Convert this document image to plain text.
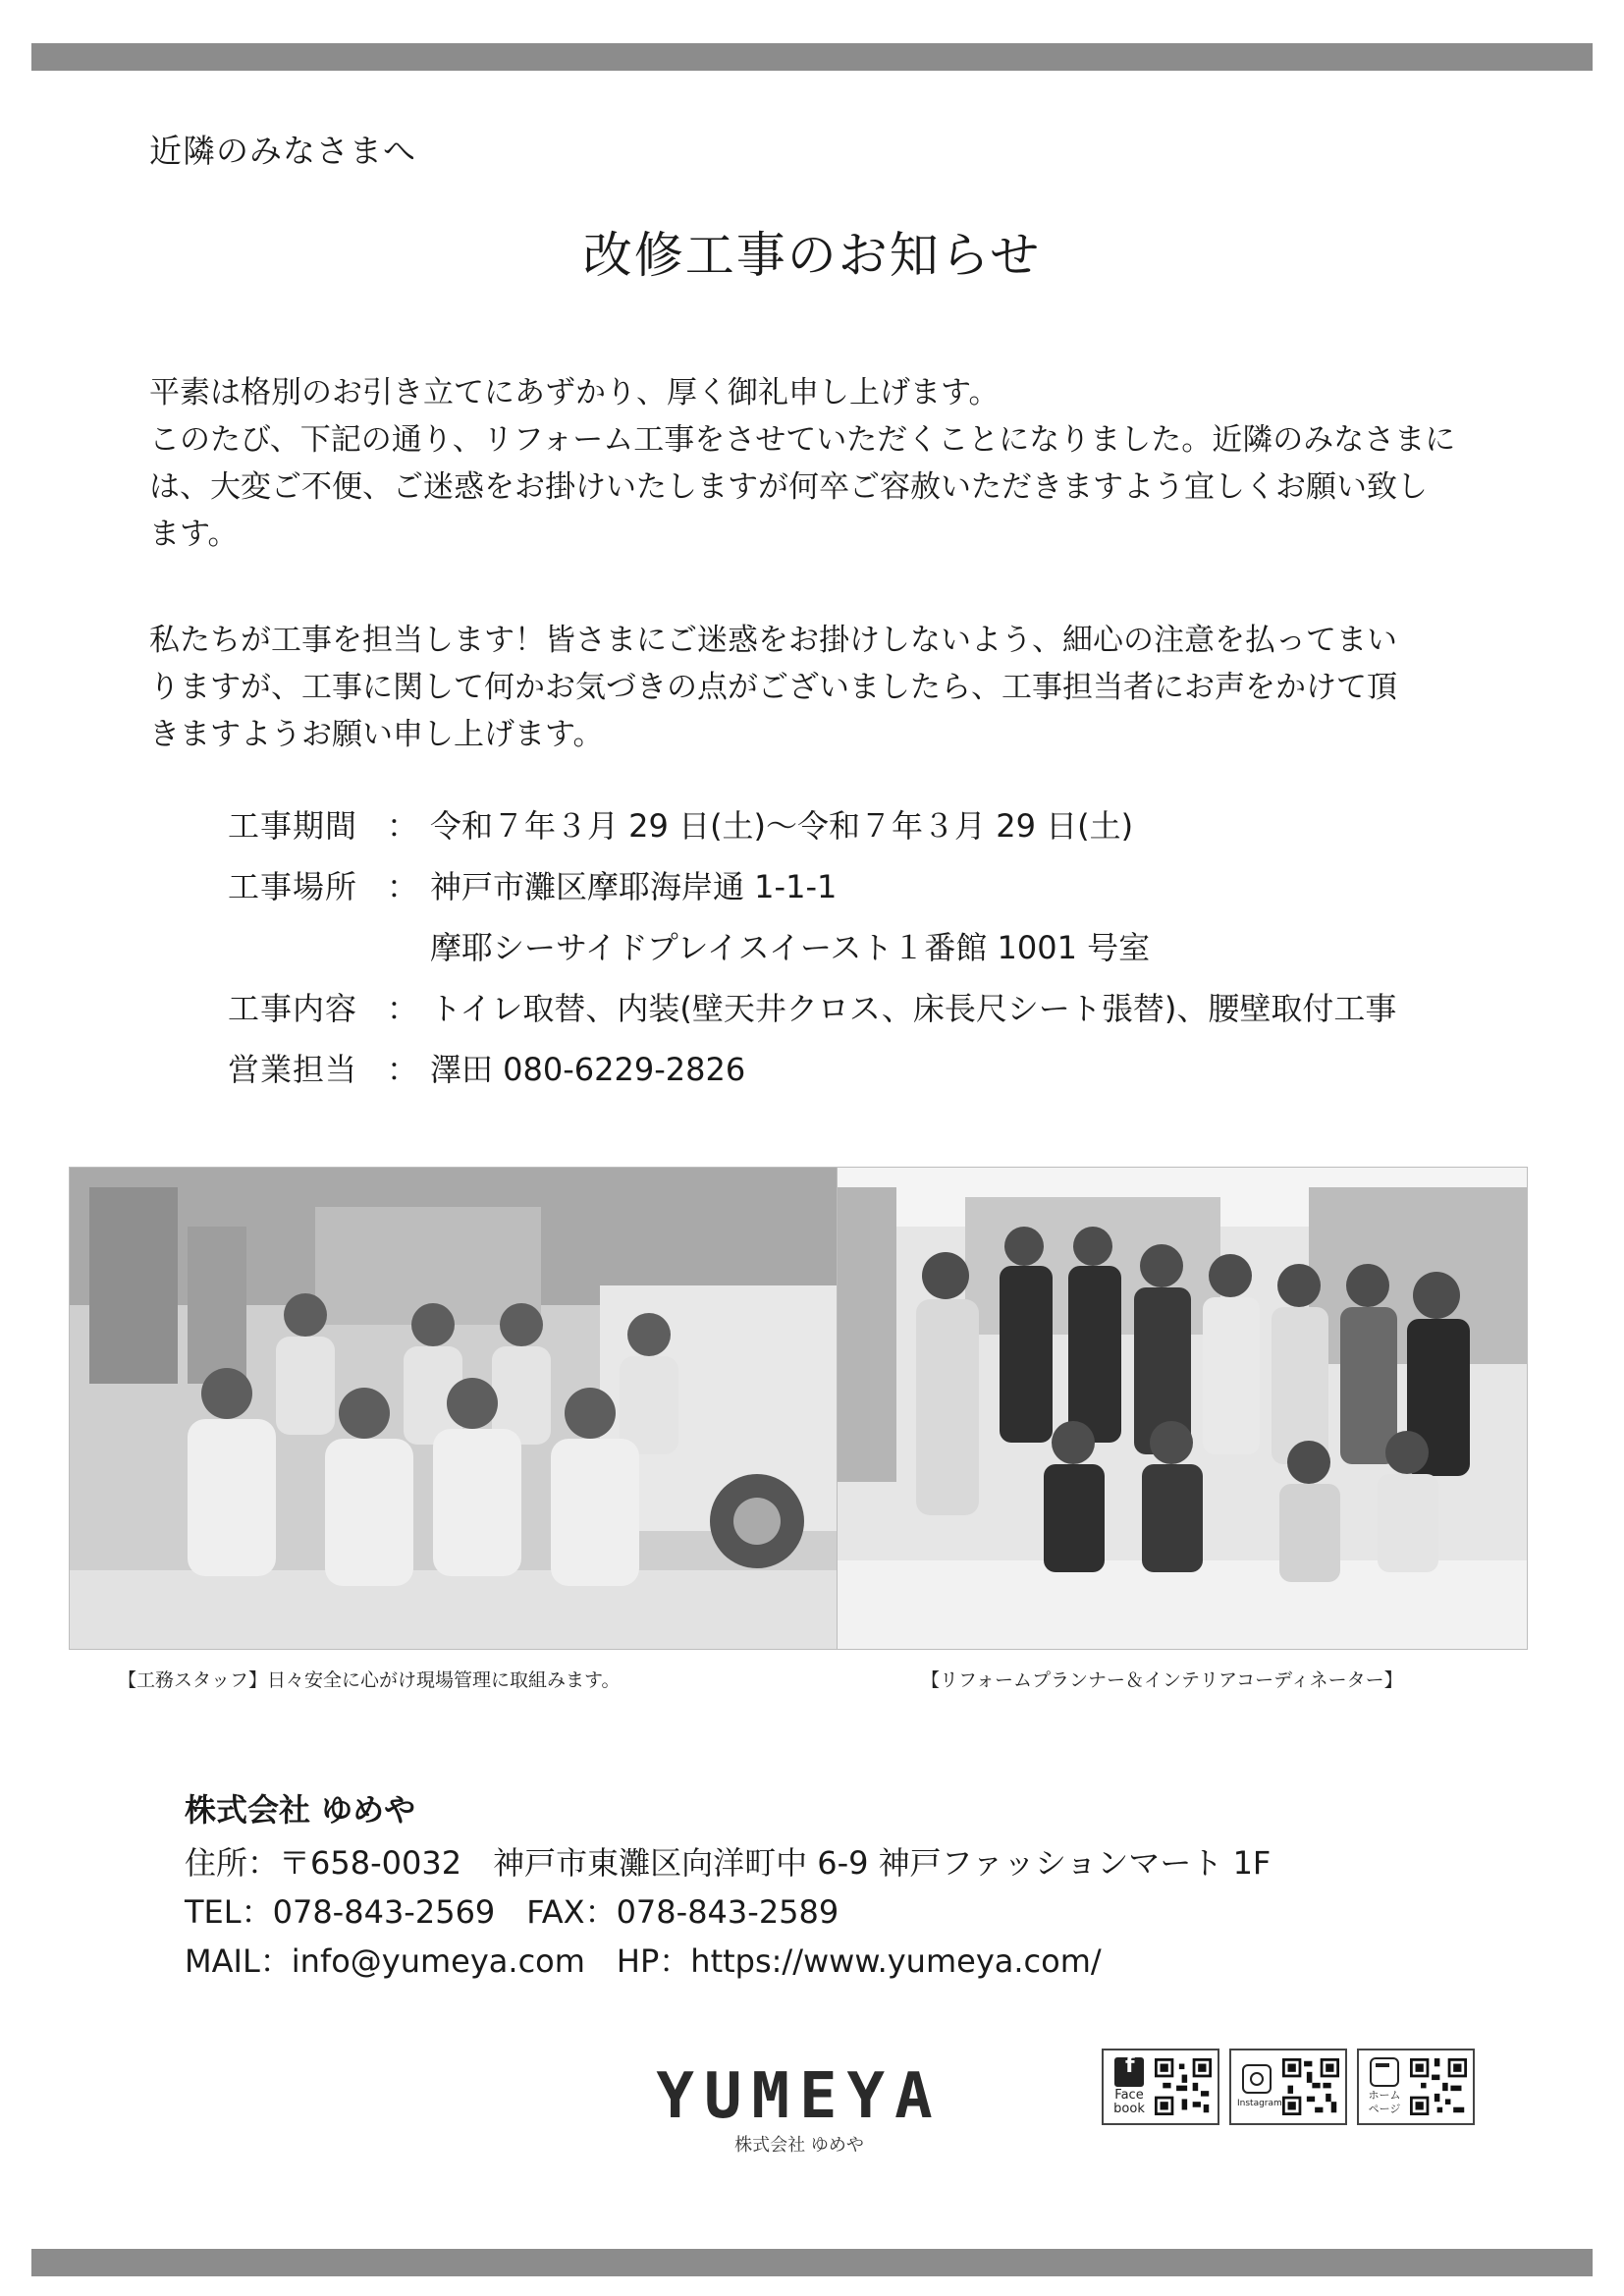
近隣のみなさまへ
改修工事のお知らせ

平素は格別のお引き立てにあずかり、厚く御礼申し上げます。

このたび、下記の通り、リフォーム工事をさせていただくことになりました。近隣のみなさまに

は、大変ご不便、ご迷惑をお掛けいたしますが何卒ご容赦いただきますよう宜しくお願い致し

ます。

私たちが工事を担当します！皆さまにご迷惑をお掛けしないよう、細心の注意を払ってまい

りますが、工事に関して何かお気づきの点がございましたら、工事担当者にお声をかけて頂

きますようお願い申し上げます。

工事期間 ： 令和７年３月 29 日(土)～令和７年３月 29 日(土)
工事場所 ： 神戸市灘区摩耶海岸通 1-1-1
摩耶シーサイドプレイスイースト１番館 1001 号室
工事内容 ： トイレ取替、内装(壁天井クロス、床長尺シート張替)、腰壁取付工事
営業担当 ： 澤田 080-6229-2826
【工務スタッフ】日々安全に心がけ現場管理に取組みます。	【リフォームプランナー＆インテリアコーディネーター】
株式会社 ゆめや
住所：〒658-0032　神戸市東灘区向洋町中 6-9 神戸ファッションマート 1F
TEL：078-843-2569　FAX：078-843-2589
MAIL：info@yumeya.com　HP：https://www.yumeya.com/
YUMEYA
株式会社 ゆめや
f
Face book	Instagram
ホーム ページ
